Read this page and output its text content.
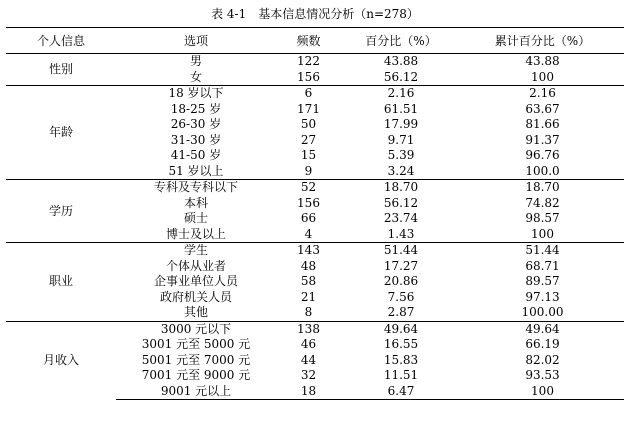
表 4-1　基本信息情况分析（n=278）
个人信息	选项	频数	百分比（%）	累计百分比（%）
性别	男	122	43.88	43.88
	女	156	56.12	100
年龄	18 岁以下	6	2.16	2.16
	18-25 岁	171	61.51	63.67
	26-30 岁	50	17.99	81.66
	31-30 岁	27	9.71	91.37
	41-50 岁	15	5.39	96.76
	51 岁以上	9	3.24	100.0
学历	专科及专科以下	52	18.70	18.70
	本科	156	56.12	74.82
	硕士	66	23.74	98.57
	博士及以上	4	1.43	100
职业	学生	143	51.44	51.44
	个体从业者	48	17.27	68.71
	企事业单位人员	58	20.86	89.57
	政府机关人员	21	7.56	97.13
	其他	8	2.87	100.00
月收入	3000 元以下	138	49.64	49.64
	3001 元至 5000 元	46	16.55	66.19
	5001 元至 7000 元	44	15.83	82.02
	7001 元至 9000 元	32	11.51	93.53
	9001 元以上	18	6.47	100
